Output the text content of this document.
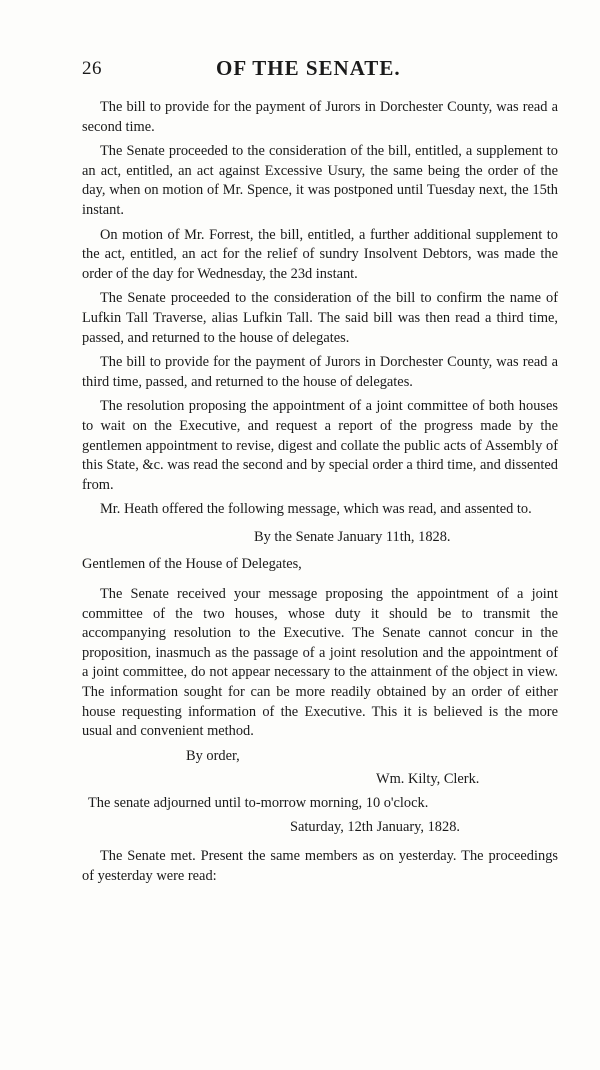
26	OF THE SENATE.

The bill to provide for the payment of Jurors in Dorchester County, was read a second time.

The Senate proceeded to the consideration of the bill, entitled, a supplement to an act, entitled, an act against Excessive Usury, the same being the order of the day, when on motion of Mr. Spence, it was postponed until Tuesday next, the 15th instant.

On motion of Mr. Forrest, the bill, entitled, a further additional supplement to the act, entitled, an act for the relief of sundry Insolvent Debtors, was made the order of the day for Wednesday, the 23d instant.

The Senate proceeded to the consideration of the bill to confirm the name of Lufkin Tall Traverse, alias Lufkin Tall. The said bill was then read a third time, passed, and returned to the house of delegates.

The bill to provide for the payment of Jurors in Dorchester County, was read a third time, passed, and returned to the house of delegates.

The resolution proposing the appointment of a joint committee of both houses to wait on the Executive, and request a report of the progress made by the gentlemen appointment to revise, digest and collate the public acts of Assembly of this State, &c. was read the second and by special order a third time, and dissented from.

Mr. Heath offered the following message, which was read, and assented to.

By the Senate January 11th, 1828.

Gentlemen of the House of Delegates,

The Senate received your message proposing the appointment of a joint committee of the two houses, whose duty it should be to transmit the accompanying resolution to the Executive. The Senate cannot concur in the proposition, inasmuch as the passage of a joint resolution and the appointment of a joint committee, do not appear necessary to the attainment of the object in view. The information sought for can be more readily obtained by an order of either house requesting information of the Executive. This it is believed is the more usual and convenient method.

By order,

Wm. Kilty, Clerk.

The senate adjourned until to-morrow morning, 10 o'clock.

Saturday, 12th January, 1828.

The Senate met. Present the same members as on yesterday. The proceedings of yesterday were read:
